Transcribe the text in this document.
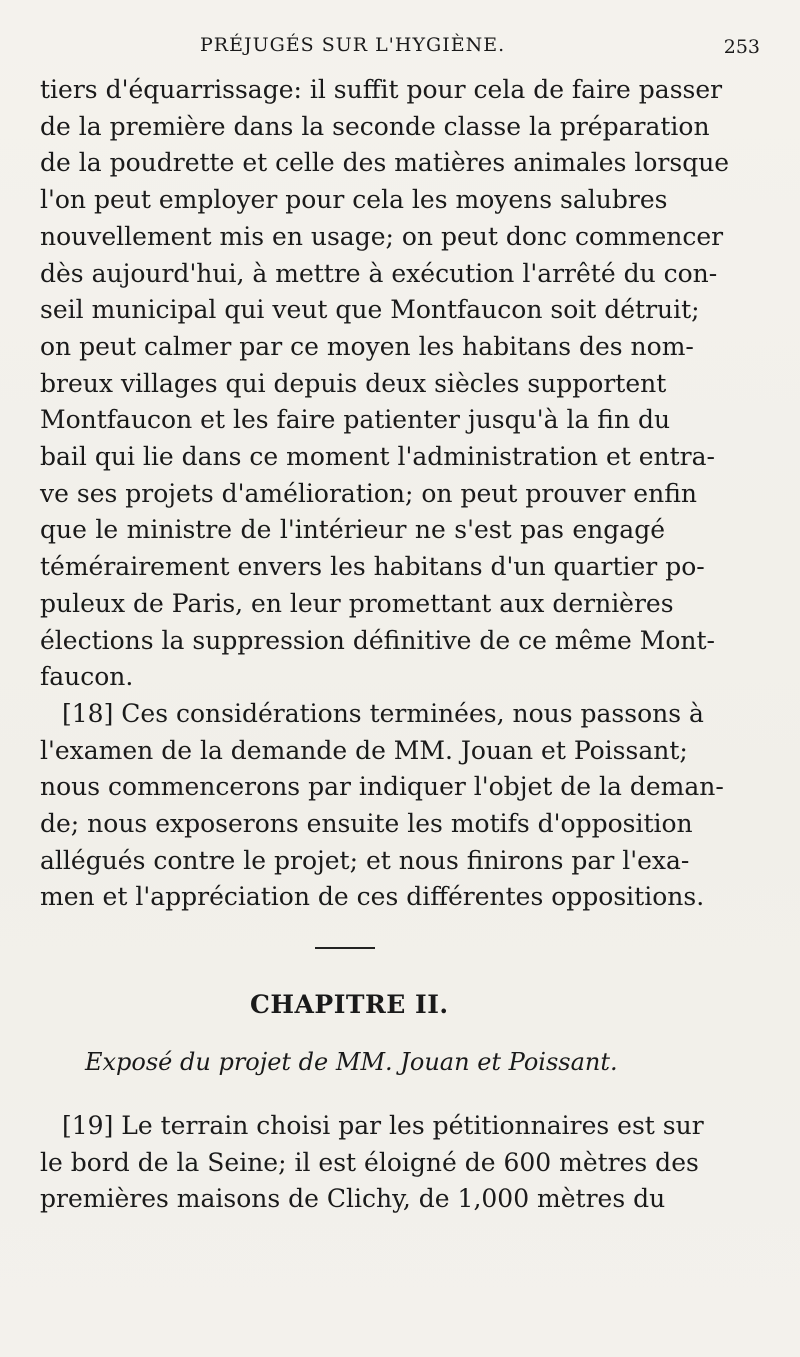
PRÉJUGÉS SUR L'HYGIÈNE.	253
tiers d'équarrissage: il suffit pour cela de faire passer
de la première dans la seconde classe la préparation
de la poudrette et celle des matières animales lorsque
l'on peut employer pour cela les moyens salubres
nouvellement mis en usage; on peut donc commencer
dès aujourd'hui, à mettre à exécution l'arrêté du con-
seil municipal qui veut que Montfaucon soit détruit;
on peut calmer par ce moyen les habitans des nom-
breux villages qui depuis deux siècles supportent
Montfaucon et les faire patienter jusqu'à la fin du
bail qui lie dans ce moment l'administration et entra-
ve ses projets d'amélioration; on peut prouver enfin
que le ministre de l'intérieur ne s'est pas engagé
témérairement envers les habitans d'un quartier po-
puleux de Paris, en leur promettant aux dernières
élections la suppression définitive de ce même Mont-
faucon.
[18] Ces considérations terminées, nous passons à
l'examen de la demande de MM. Jouan et Poissant;
nous commencerons par indiquer l'objet de la deman-
de; nous exposerons ensuite les motifs d'opposition
allégués contre le projet; et nous finirons par l'exa-
men et l'appréciation de ces différentes oppositions.
CHAPITRE II.
Exposé du projet de MM. Jouan et Poissant.
[19] Le terrain choisi par les pétitionnaires est sur
le bord de la Seine; il est éloigné de 600 mètres des
premières maisons de Clichy, de 1,000 mètres du
